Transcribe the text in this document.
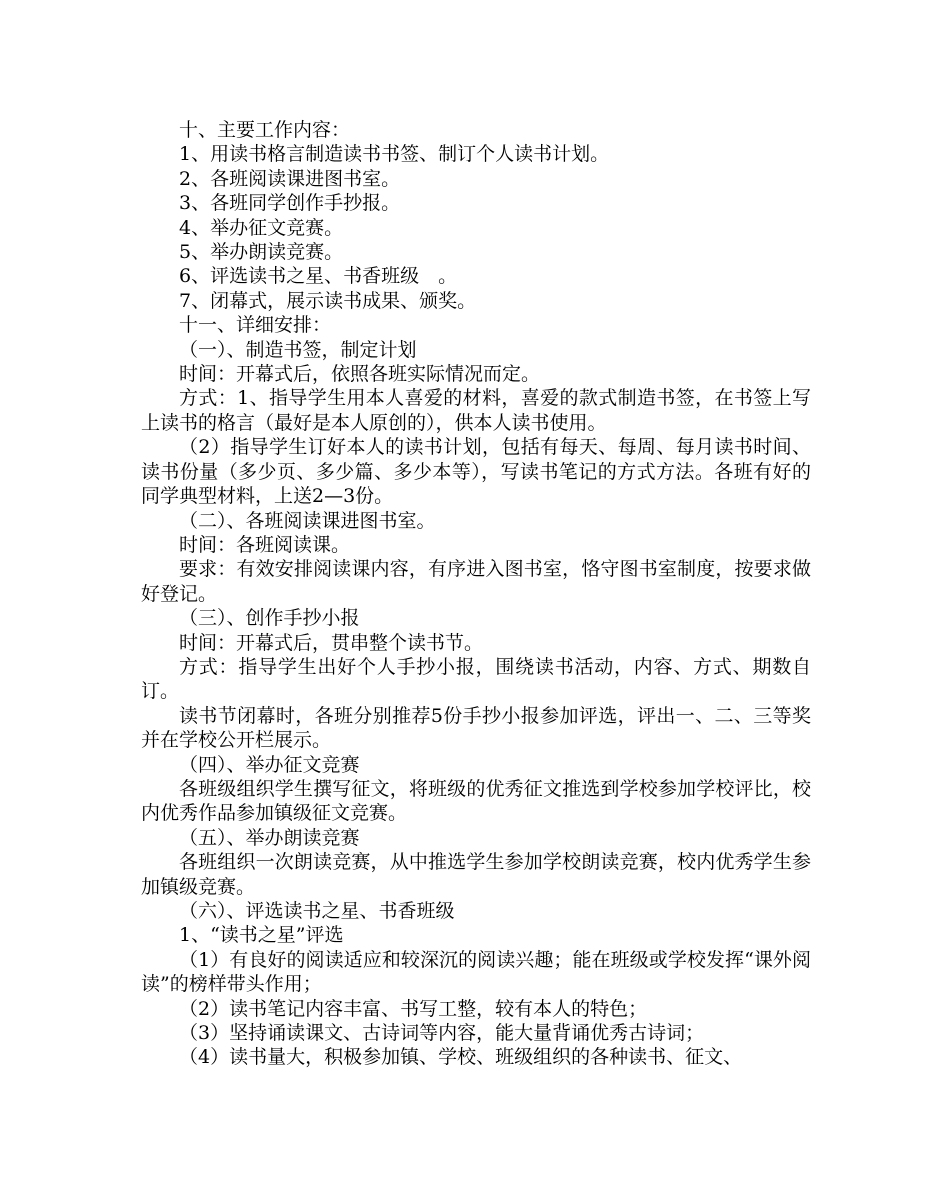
十、主要工作内容：

1、用读书格言制造读书书签、制订个人读书计划。

2、各班阅读课进图书室。

3、各班同学创作手抄报。

4、举办征文竞赛。

5、举办朗读竞赛。

6、评选读书之星、书香班级　。

7、闭幕式，展示读书成果、颁奖。

十一、详细安排：

（一）、制造书签，制定计划

时间：开幕式后，依照各班实际情况而定。

方式：1、指导学生用本人喜爱的材料，喜爱的款式制造书签，在书签上写上读书的格言（最好是本人原创的），供本人读书使用。

（2）指导学生订好本人的读书计划，包括有每天、每周、每月读书时间、读书份量（多少页、多少篇、多少本等），写读书笔记的方式方法。各班有好的同学典型材料，上送2—3份。

（二）、各班阅读课进图书室。

时间：各班阅读课。

要求：有效安排阅读课内容，有序进入图书室，恪守图书室制度，按要求做好登记。

（三）、创作手抄小报

时间：开幕式后，贯串整个读书节。

方式：指导学生出好个人手抄小报，围绕读书活动，内容、方式、期数自订。

读书节闭幕时，各班分别推荐5份手抄小报参加评选，评出一、二、三等奖并在学校公开栏展示。

（四）、举办征文竞赛

各班级组织学生撰写征文，将班级的优秀征文推选到学校参加学校评比，校内优秀作品参加镇级征文竞赛。

（五）、举办朗读竞赛

各班组织一次朗读竞赛，从中推选学生参加学校朗读竞赛，校内优秀学生参加镇级竞赛。

（六）、评选读书之星、书香班级

1、“读书之星”评选

（1）有良好的阅读适应和较深沉的阅读兴趣；能在班级或学校发挥“课外阅读”的榜样带头作用；

（2）读书笔记内容丰富、书写工整，较有本人的特色；

（3）坚持诵读课文、古诗词等内容，能大量背诵优秀古诗词；

（4）读书量大，积极参加镇、学校、班级组织的各种读书、征文、
